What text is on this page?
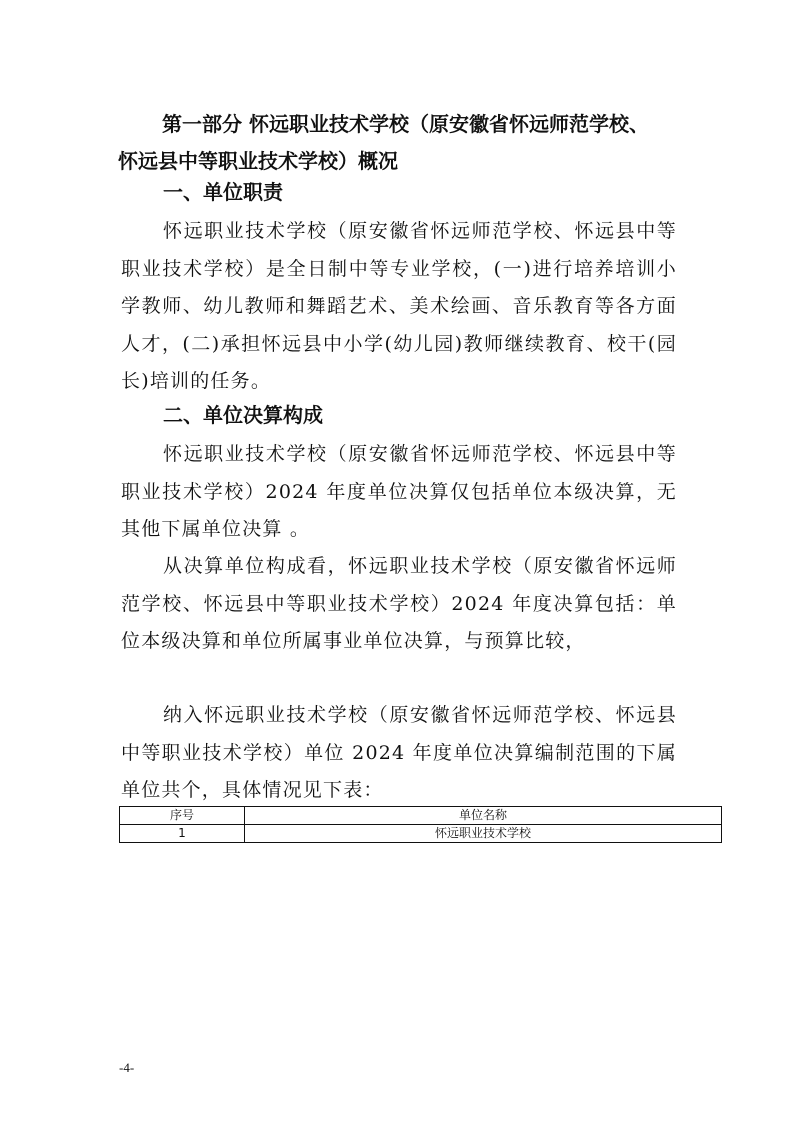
第一部分 怀远职业技术学校（原安徽省怀远师范学校、
怀远县中等职业技术学校）概况
一、单位职责

怀远职业技术学校（原安徽省怀远师范学校、怀远县中等职业技术学校）是全日制中等专业学校，(一)进行培养培训小学教师、幼儿教师和舞蹈艺术、美术绘画、音乐教育等各方面人才，(二)承担怀远县中小学(幼儿园)教师继续教育、校干(园长)培训的任务。

二、单位决算构成

怀远职业技术学校（原安徽省怀远师范学校、怀远县中等职业技术学校）2024 年度单位决算仅包括单位本级决算，无其他下属单位决算 。

从决算单位构成看，怀远职业技术学校（原安徽省怀远师范学校、怀远县中等职业技术学校）2024 年度决算包括：单位本级决算和单位所属事业单位决算，与预算比较，

纳入怀远职业技术学校（原安徽省怀远师范学校、怀远县中等职业技术学校）单位 2024 年度单位决算编制范围的下属单位共个，具体情况见下表：

序号	单位名称
1	怀远职业技术学校
-4-
